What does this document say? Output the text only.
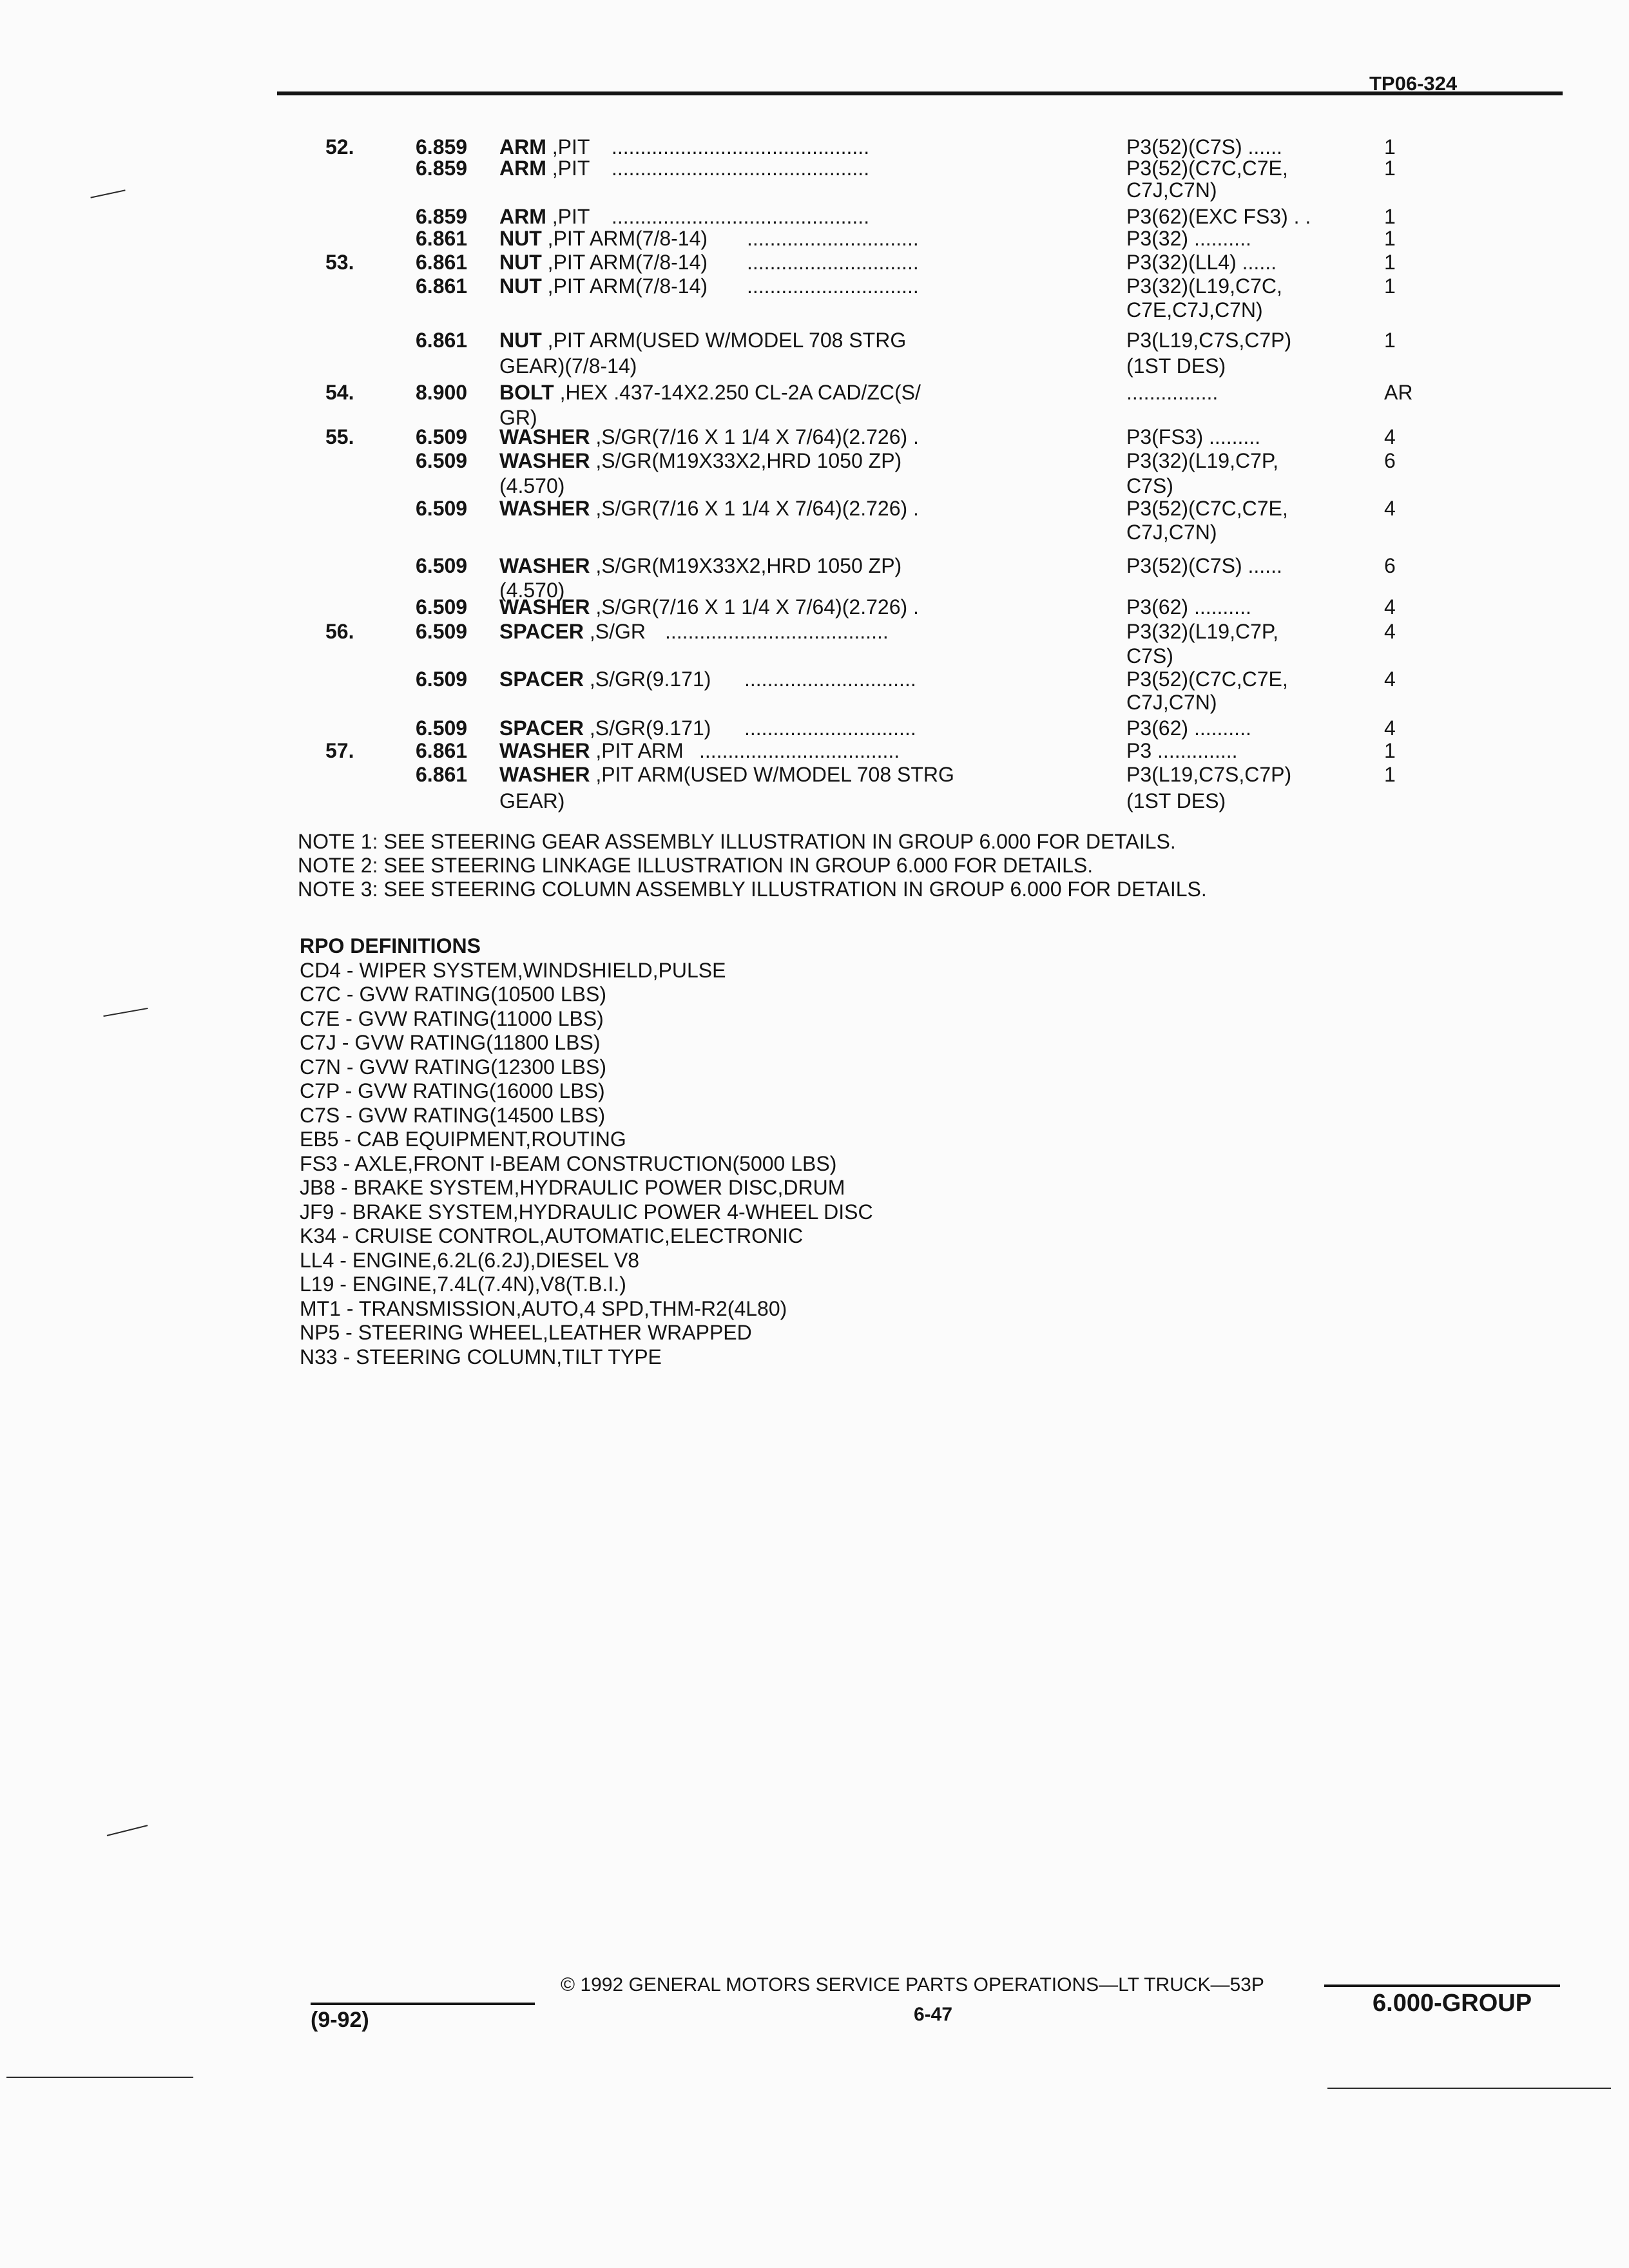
TP06-324
52.	6.859 ARM ,PIT .............................................	P3(52)(C7S) ......	1
6.859 ARM ,PIT .............................................	P3(52)(C7C,C7E,	1
C7J,C7N)
6.859 ARM ,PIT .............................................	P3(62)(EXC FS3) . .	1
6.861 NUT ,PIT ARM(7/8-14) ..............................	P3(32) ..........	1
53.	6.861 NUT ,PIT ARM(7/8-14) ..............................	P3(32)(LL4) ......	1
6.861 NUT ,PIT ARM(7/8-14) ..............................	P3(32)(L19,C7C,	1
C7E,C7J,C7N)
6.861 NUT ,PIT ARM(USED W/MODEL 708 STRG	P3(L19,C7S,C7P)	1
GEAR)(7/8-14)	(1ST DES)
54.	8.900 BOLT ,HEX .437-14X2.250 CL-2A CAD/ZC(S/	................	AR
GR)
55.	6.509 WASHER ,S/GR(7/16 X 1 1/4 X 7/64)(2.726) .	P3(FS3) .........	4
6.509 WASHER ,S/GR(M19X33X2,HRD 1050 ZP)	P3(32)(L19,C7P,	6
(4.570)	C7S)
6.509 WASHER ,S/GR(7/16 X 1 1/4 X 7/64)(2.726) .	P3(52)(C7C,C7E,	4
C7J,C7N)
6.509 WASHER ,S/GR(M19X33X2,HRD 1050 ZP)	P3(52)(C7S) ......	6
(4.570)
6.509 WASHER ,S/GR(7/16 X 1 1/4 X 7/64)(2.726) .	P3(62) ..........	4
56.	6.509 SPACER ,S/GR .......................................	P3(32)(L19,C7P,	4
C7S)
6.509 SPACER ,S/GR(9.171) ..............................	P3(52)(C7C,C7E,	4
C7J,C7N)
6.509 SPACER ,S/GR(9.171) ..............................	P3(62) ..........	4
57.	6.861 WASHER ,PIT ARM ...................................	P3 ..............	1
6.861 WASHER ,PIT ARM(USED W/MODEL 708 STRG	P3(L19,C7S,C7P)	1
GEAR)	(1ST DES)
NOTE 1: SEE STEERING GEAR ASSEMBLY ILLUSTRATION IN GROUP 6.000 FOR DETAILS.
NOTE 2: SEE STEERING LINKAGE ILLUSTRATION IN GROUP 6.000 FOR DETAILS.
NOTE 3: SEE STEERING COLUMN ASSEMBLY ILLUSTRATION IN GROUP 6.000 FOR DETAILS.
RPO DEFINITIONS
CD4 - WIPER SYSTEM,WINDSHIELD,PULSE
C7C - GVW RATING(10500 LBS)
C7E - GVW RATING(11000 LBS)
C7J - GVW RATING(11800 LBS)
C7N - GVW RATING(12300 LBS)
C7P - GVW RATING(16000 LBS)
C7S - GVW RATING(14500 LBS)
EB5 - CAB EQUIPMENT,ROUTING
FS3 - AXLE,FRONT I-BEAM CONSTRUCTION(5000 LBS)
JB8 - BRAKE SYSTEM,HYDRAULIC POWER DISC,DRUM
JF9 - BRAKE SYSTEM,HYDRAULIC POWER 4-WHEEL DISC
K34 - CRUISE CONTROL,AUTOMATIC,ELECTRONIC
LL4 - ENGINE,6.2L(6.2J),DIESEL V8
L19 - ENGINE,7.4L(7.4N),V8(T.B.I.)
MT1 - TRANSMISSION,AUTO,4 SPD,THM-R2(4L80)
NP5 - STEERING WHEEL,LEATHER WRAPPED
N33 - STEERING COLUMN,TILT TYPE
© 1992 GENERAL MOTORS SERVICE PARTS OPERATIONS—LT TRUCK—53P
6-47
(9-92)
6.000-GROUP
